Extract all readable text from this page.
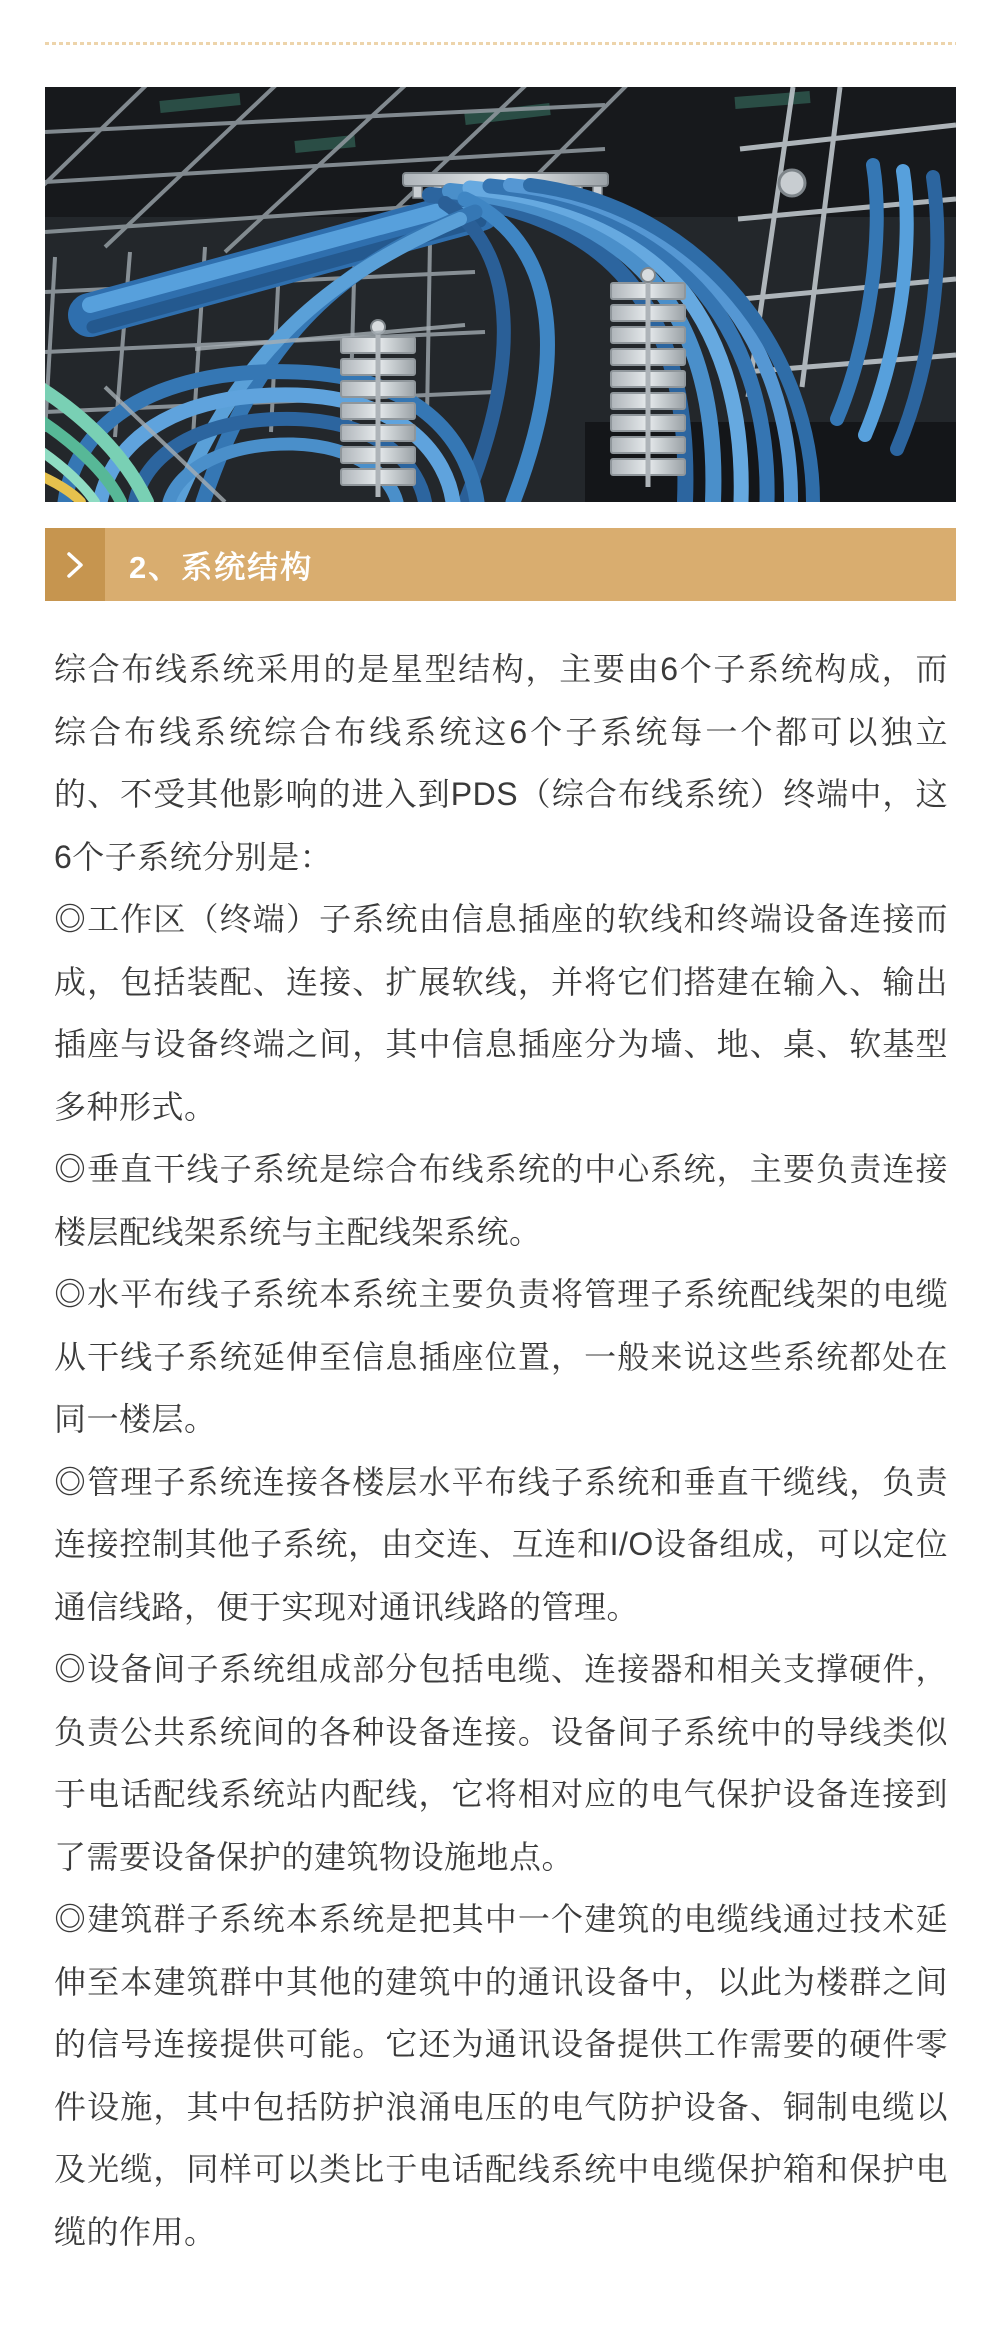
2、系统结构

综合布线系统采用的是星型结构，主要由6个子系统构成，而综合布线系统综合布线系统这6个子系统每一个都可以独立的、不受其他影响的进入到PDS（综合布线系统）终端中，这6个子系统分别是：

◎工作区（终端）子系统由信息插座的软线和终端设备连接而成，包括装配、连接、扩展软线，并将它们搭建在输入、输出插座与设备终端之间，其中信息插座分为墙、地、桌、软基型多种形式。

◎垂直干线子系统是综合布线系统的中心系统，主要负责连接楼层配线架系统与主配线架系统。

◎水平布线子系统本系统主要负责将管理子系统配线架的电缆从干线子系统延伸至信息插座位置，一般来说这些系统都处在同一楼层。

◎管理子系统连接各楼层水平布线子系统和垂直干缆线，负责连接控制其他子系统，由交连、互连和I/O设备组成，可以定位通信线路，便于实现对通讯线路的管理。

◎设备间子系统组成部分包括电缆、连接器和相关支撑硬件，负责公共系统间的各种设备连接。设备间子系统中的导线类似于电话配线系统站内配线，它将相对应的电气保护设备连接到了需要设备保护的建筑物设施地点。

◎建筑群子系统本系统是把其中一个建筑的电缆线通过技术延伸至本建筑群中其他的建筑中的通讯设备中，以此为楼群之间的信号连接提供可能。它还为通讯设备提供工作需要的硬件零件设施，其中包括防护浪涌电压的电气防护设备、铜制电缆以及光缆，同样可以类比于电话配线系统中电缆保护箱和保护电缆的作用。
